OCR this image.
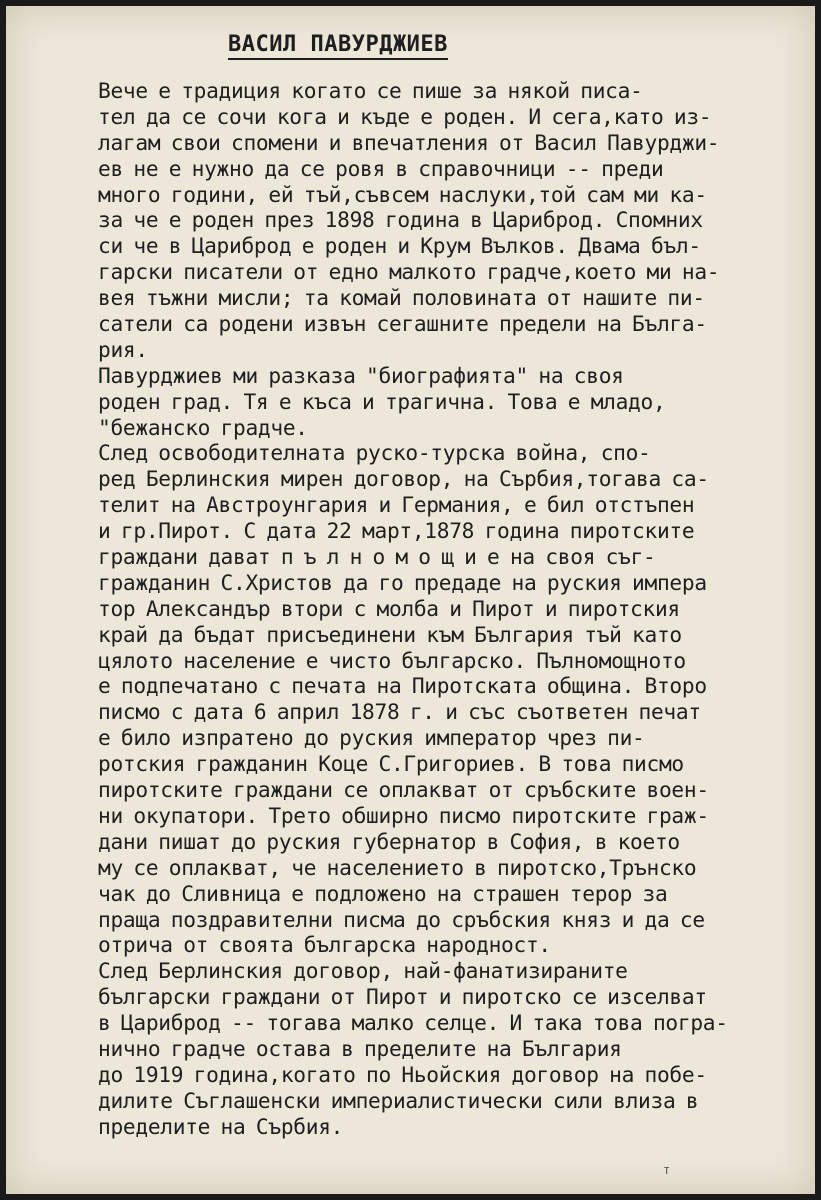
ВАСИЛ ПАВУРДЖИЕВ
Вече е традиция когато се пише за някой писа-
тел да се сочи кога и къде е роден. И сега,като из-
лагам свои спомени и впечатления от Васил Павурджи-
ев не е нужно да се ровя в справочници -- преди
много години, ей тъй,съвсем наслуки,той сам ми ка-
за че е роден през 1898 година в Цариброд. Спомних
си че в Цариброд е роден и Крум Вълков. Двама бъл-
гарски писатели от едно малкото градче,което ми на-
вея тъжни мисли; та комай половината от нашите пи-
сатели са родени извън сегашните предели на Бълга-
рия.
Павурджиев ми разказа "биографията" на своя
роден град. Тя е къса и трагична. Това е младо,
"бежанско градче.
След освободителната руско-турска война, спо-
ред Берлинския мирен договор, на Сърбия,тогава са-
телит на Австроунгария и Германия, е бил отстъпен
и гр.Пирот. С дата 22 март,1878 година пиротските
граждани дават п ъ л н о м о щ и е на своя съг-
гражданин С.Христов да го предаде на руския импера
тор Александър втори с молба и Пирот и пиротския
край да бъдат присъединени към България тъй като
цялото население е чисто българско. Пълномощното
е подпечатано с печата на Пиротската община. Второ
писмо с дата 6 април 1878 г. и със съответен печат
е било изпратено до руския император чрез пи-
ротския гражданин Коце С.Григориев. В това писмо
пиротските граждани се оплакват от сръбските воен-
ни окупатори. Трето обширно писмо пиротските граж-
дани пишат до руския губернатор в София, в което
му се оплакват, че населението в пиротско,Трънско
чак до Сливница е подложено на страшен терор за
праща поздравителни писма до сръбския княз и да се
отрича от своята българска народност.
След Берлинския договор, най-фанатизираните
български граждани от Пирот и пиротско се изселват
в Цариброд -- тогава малко селце. И така това погра-
нично градче остава в пределите на България
до 1919 година,когато по Ньойския договор на побе-
дилите Съглашенски империалистически сили влиза в
пределите на Сърбия.
т
